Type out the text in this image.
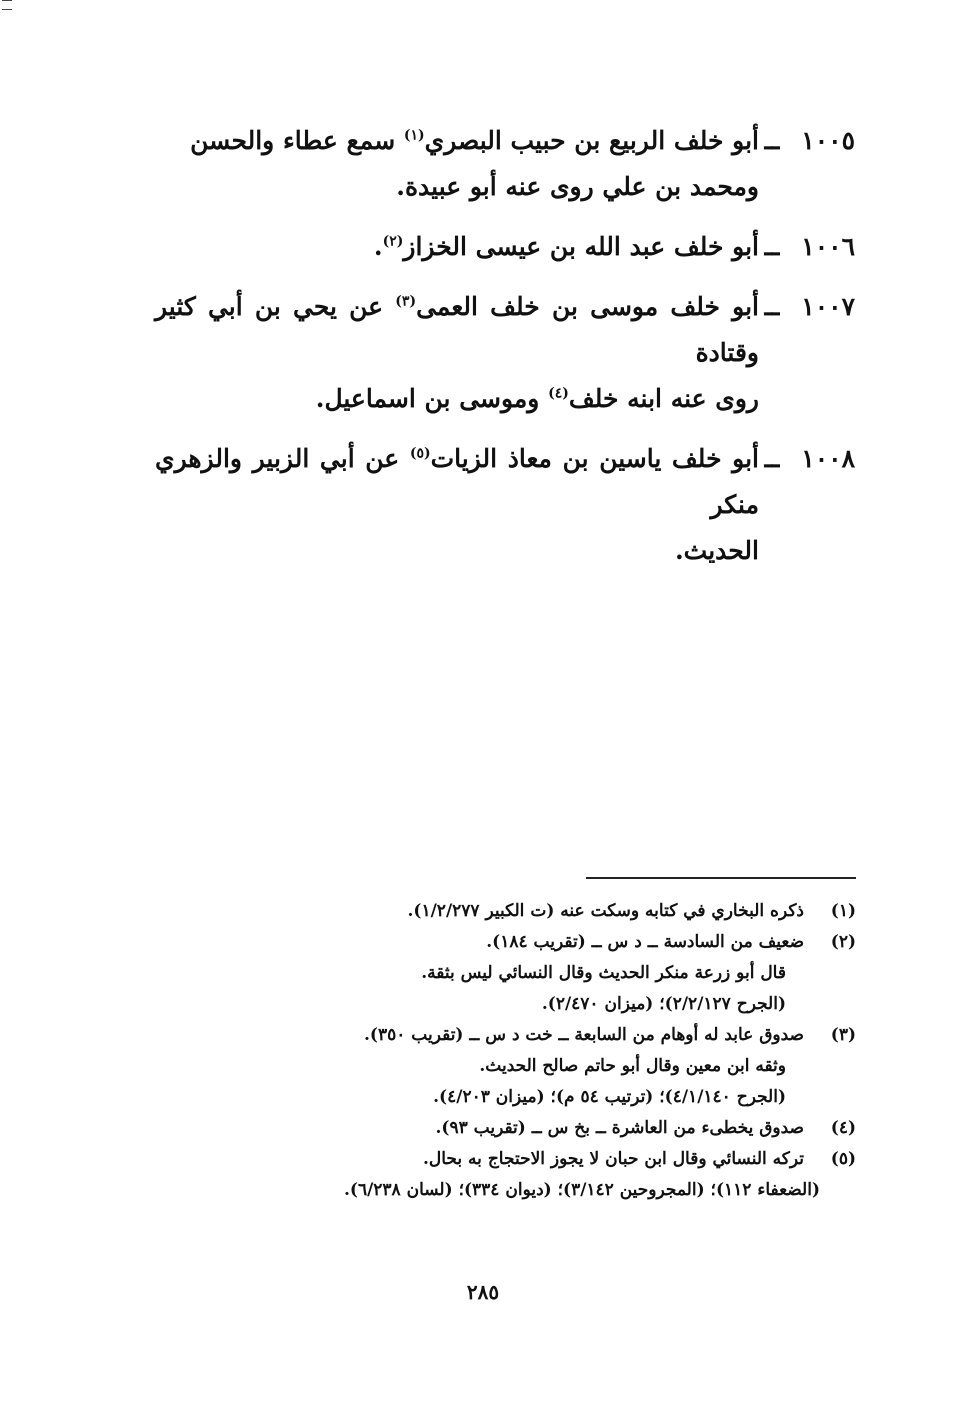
١٠٠٥
ــ
أبو خلف الربيع بن حبيب البصري$^{(١)}$ سمع عطاء والحسن
ومحمد بن علي روى عنه أبو عبيدة.
١٠٠٦
ــ
أبو خلف عبد الله بن عيسى الخزاز$^{(٢)}$.
١٠٠٧
ــ
أبو خلف موسى بن خلف العمى$^{(٣)}$ عن يحي بن أبي كثير وقتادة
روى عنه ابنه خلف$^{(٤)}$ وموسى بن اسماعيل.
١٠٠٨
ــ
أبو خلف ياسين بن معاذ الزيات$^{(٥)}$ عن أبي الزبير والزهري منكر
الحديث.
(١)
ذكره البخاري في كتابه وسكت عنه (ت الكبير ١/٢/٢٧٧).
(٢)
ضعيف من السادسة ــ د س ــ (تقريب ١٨٤).
قال أبو زرعة منكر الحديث وقال النسائي ليس بثقة.
(الجرح ٢/٢/١٢٧)؛ (ميزان ٢/٤٧٠).
(٣)
صدوق عابد له أوهام من السابعة ــ خت د س ــ (تقريب ٣٥٠).
وثقه ابن معين وقال أبو حاتم صالح الحديث.
(الجرح ٤/١/١٤٠)؛ (ترتيب ٥٤ م)؛ (ميزان ٤/٢٠٣).
(٤)
صدوق يخطىء من العاشرة ــ بخ س ــ (تقريب ٩٣).
(٥)
تركه النسائي وقال ابن حبان لا يجوز الاحتجاج به بحال.
(الضعفاء ١١٢)؛ (المجروحين ٣/١٤٢)؛ (ديوان ٣٣٤)؛ (لسان ٦/٢٣٨).
٢٨٥
